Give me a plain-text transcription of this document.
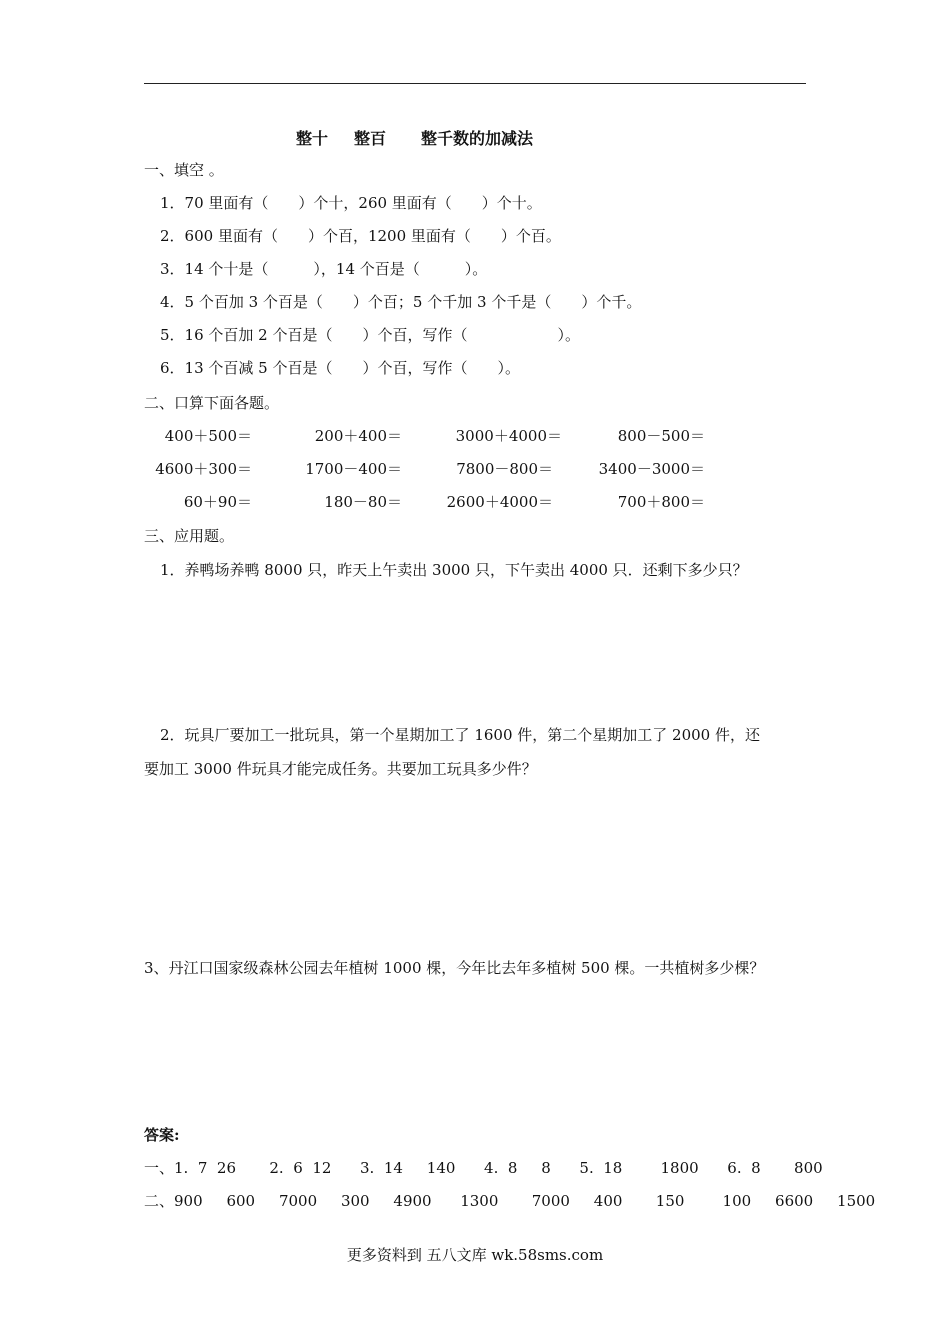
整十 整百 整千数的加减法
一、填空 。
1．70 里面有（　　）个十，260 里面有（　　）个十。
2．600 里面有（　　）个百，1200 里面有（　　）个百。
3．14 个十是（　　　），14 个百是（　　　）。
4．5 个百加 3 个百是（　　）个百；5 个千加 3 个千是（　　）个千。
5．16 个百加 2 个百是（　　）个百，写作（　　　　　　）。
6．13 个百减 5 个百是（　　）个百，写作（　　）。
二、口算下面各题。
400＋500＝	200＋400＝	3000＋4000＝	800－500＝
4600＋300＝	1700－400＝	7800－800＝	3400－3000＝
60＋90＝	180－80＝	2600＋4000＝	700＋800＝
三、应用题。
1．养鸭场养鸭 8000 只，昨天上午卖出 3000 只，下午卖出 4000 只．还剩下多少只？
2．玩具厂要加工一批玩具，第一个星期加工了 1600 件，第二个星期加工了 2000 件，还
要加工 3000 件玩具才能完成任务。共要加工玩具多少件？
3、丹江口国家级森林公园去年植树 1000 棵，今年比去年多植树 500 棵。一共植树多少棵？
答案:
一、1.  7  26       2.  6  12      3.  14     140      4.  8     8      5.  18        1800      6.  8       800
二、900     600     7000     300     4900      1300       7000     400       150        100     6600     1500
更多资料到 五八文库 wk.58sms.com
